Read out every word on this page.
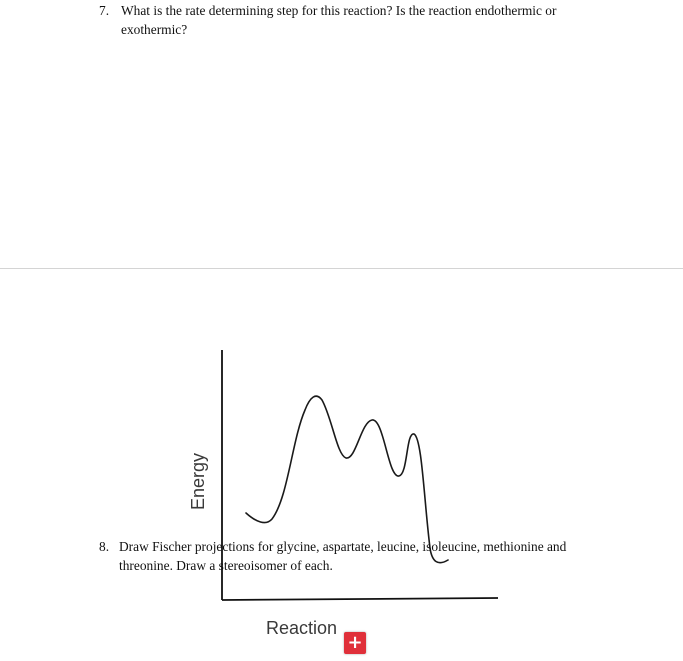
7. What is the rate determining step for this reaction? Is the reaction endothermic or
exothermic?
Energy
Reaction
8. Draw Fischer projections for glycine, aspartate, leucine, isoleucine, methionine and
threonine. Draw a stereoisomer of each.
+
